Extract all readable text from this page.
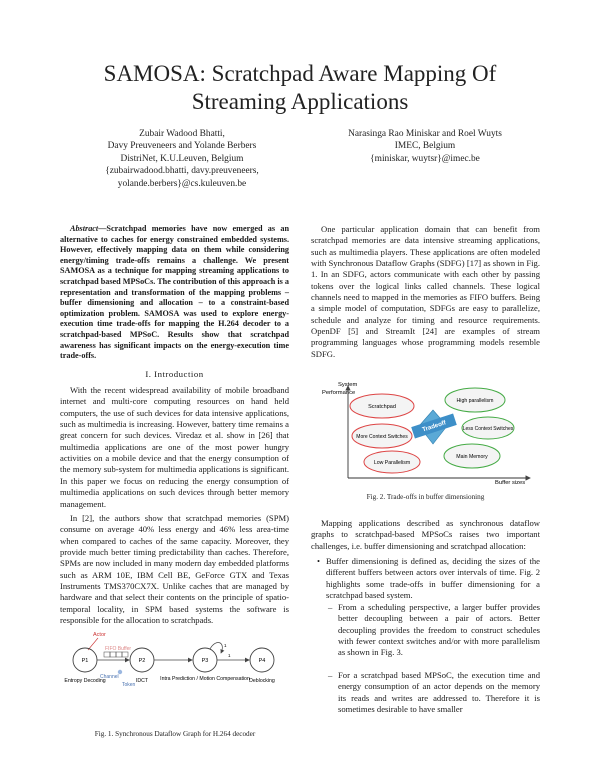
SAMOSA: Scratchpad Aware Mapping Of
Streaming Applications
Zubair Wadood Bhatti,
Davy Preuveneers and Yolande Berbers
DistriNet, K.U.Leuven, Belgium
{zubairwadood.bhatti, davy.preuveneers,
yolande.berbers}@cs.kuleuven.be
Narasinga Rao Miniskar and Roel Wuyts
IMEC, Belgium
{miniskar, wuytsr}@imec.be

Abstract—Scratchpad memories have now emerged as an alternative to caches for energy constrained embedded systems. However, effectively mapping data on them while considering energy/timing trade-offs remains a challenge. We present SAMOSA as a technique for mapping streaming applications to scratchpad based MPSoCs. The contribution of this approach is a representation and transformation of the mapping problems – buffer dimensioning and allocation – to a constraint-based optimization problem. SAMOSA was used to explore energy-execution time trade-offs for mapping the H.264 decoder to a scratchpad-based MPSoC. Results show that scratchpad awareness has significant impacts on the energy-execution time trade-offs.

I. Introduction

With the recent widespread availability of mobile broadband internet and multi-core computing resources on hand held computers, the use of such devices for data intensive applications, such as multimedia is increasing. However, battery time remains a great concern for such devices. Viredaz et al. show in [26] that multimedia applications are one of the most power hungry activities on a mobile device and that the energy consumption of the memory sub-system for multimedia applications is significant. In this paper we focus on reducing the energy consumption of multimedia applications on such devices through better memory management.

In [2], the authors show that scratchpad memories (SPM) consume on average 40% less energy and 46% less area-time when compared to caches of the same capacity. Moreover, they provide much better timing predictability than caches. Therefore, SPMs are now included in many modern day embedded platforms such as ARM 10E, IBM Cell BE, GeForce GTX and Texas Instruments TMS370CX7X. Unlike caches that are managed by hardware and that select their contents on the principle of spatio-temporal locality, in SPM based systems the software is responsible for the allocation to scratchpads.

Actor
FIFO Buffer
P1	P2	P3	P4
1
1
Channel
Token
Entropy Decoding	IDCT Intra Prediction / Motion Compensation Deblocking
Fig. 1. Synchronous Dataflow Graph for H.264 decoder

One particular application domain that can benefit from scratchpad memories are data intensive streaming applications, such as multimedia players. These applications are often modeled with Synchronous Dataflow Graphs (SDFG) [17] as shown in Fig. 1. In an SDFG, actors communicate with each other by passing tokens over the logical links called channels. These logical channels need to mapped in the memories as FIFO buffers. Being a simple model of computation, SDFGs are easy to parallelize, schedule and analyze for timing and resource requirements. OpenDF [5] and StreamIt [24] are examples of stream programming languages whose programming models resemble SDFG.

System
Performance
Buffer sizes
Scratchpad
High parallelism
Less Context Switches
More Context Switches
Low Parallelism
Main Memory
Tradeoff
Fig. 2. Trade-offs in buffer dimensioning

Mapping applications described as synchronous dataflow graphs to scratchpad-based MPSoCs raises two important challenges, i.e. buffer dimensioning and scratchpad allocation:

• Buffer dimensioning is defined as, deciding the sizes of the different buffers between actors over intervals of time. Fig. 2 highlights some trade-offs in buffer dimensioning for a scratchpad based system.
– From a scheduling perspective, a larger buffer provides better decoupling between a pair of actors. Better decoupling provides the freedom to construct schedules with fewer context switches and/or with more parallelism as shown in Fig. 3.
– For a scratchpad based MPSoC, the execution time and energy consumption of an actor depends on the memory its reads and writes are addressed to. Therefore it is sometimes desirable to have smaller
